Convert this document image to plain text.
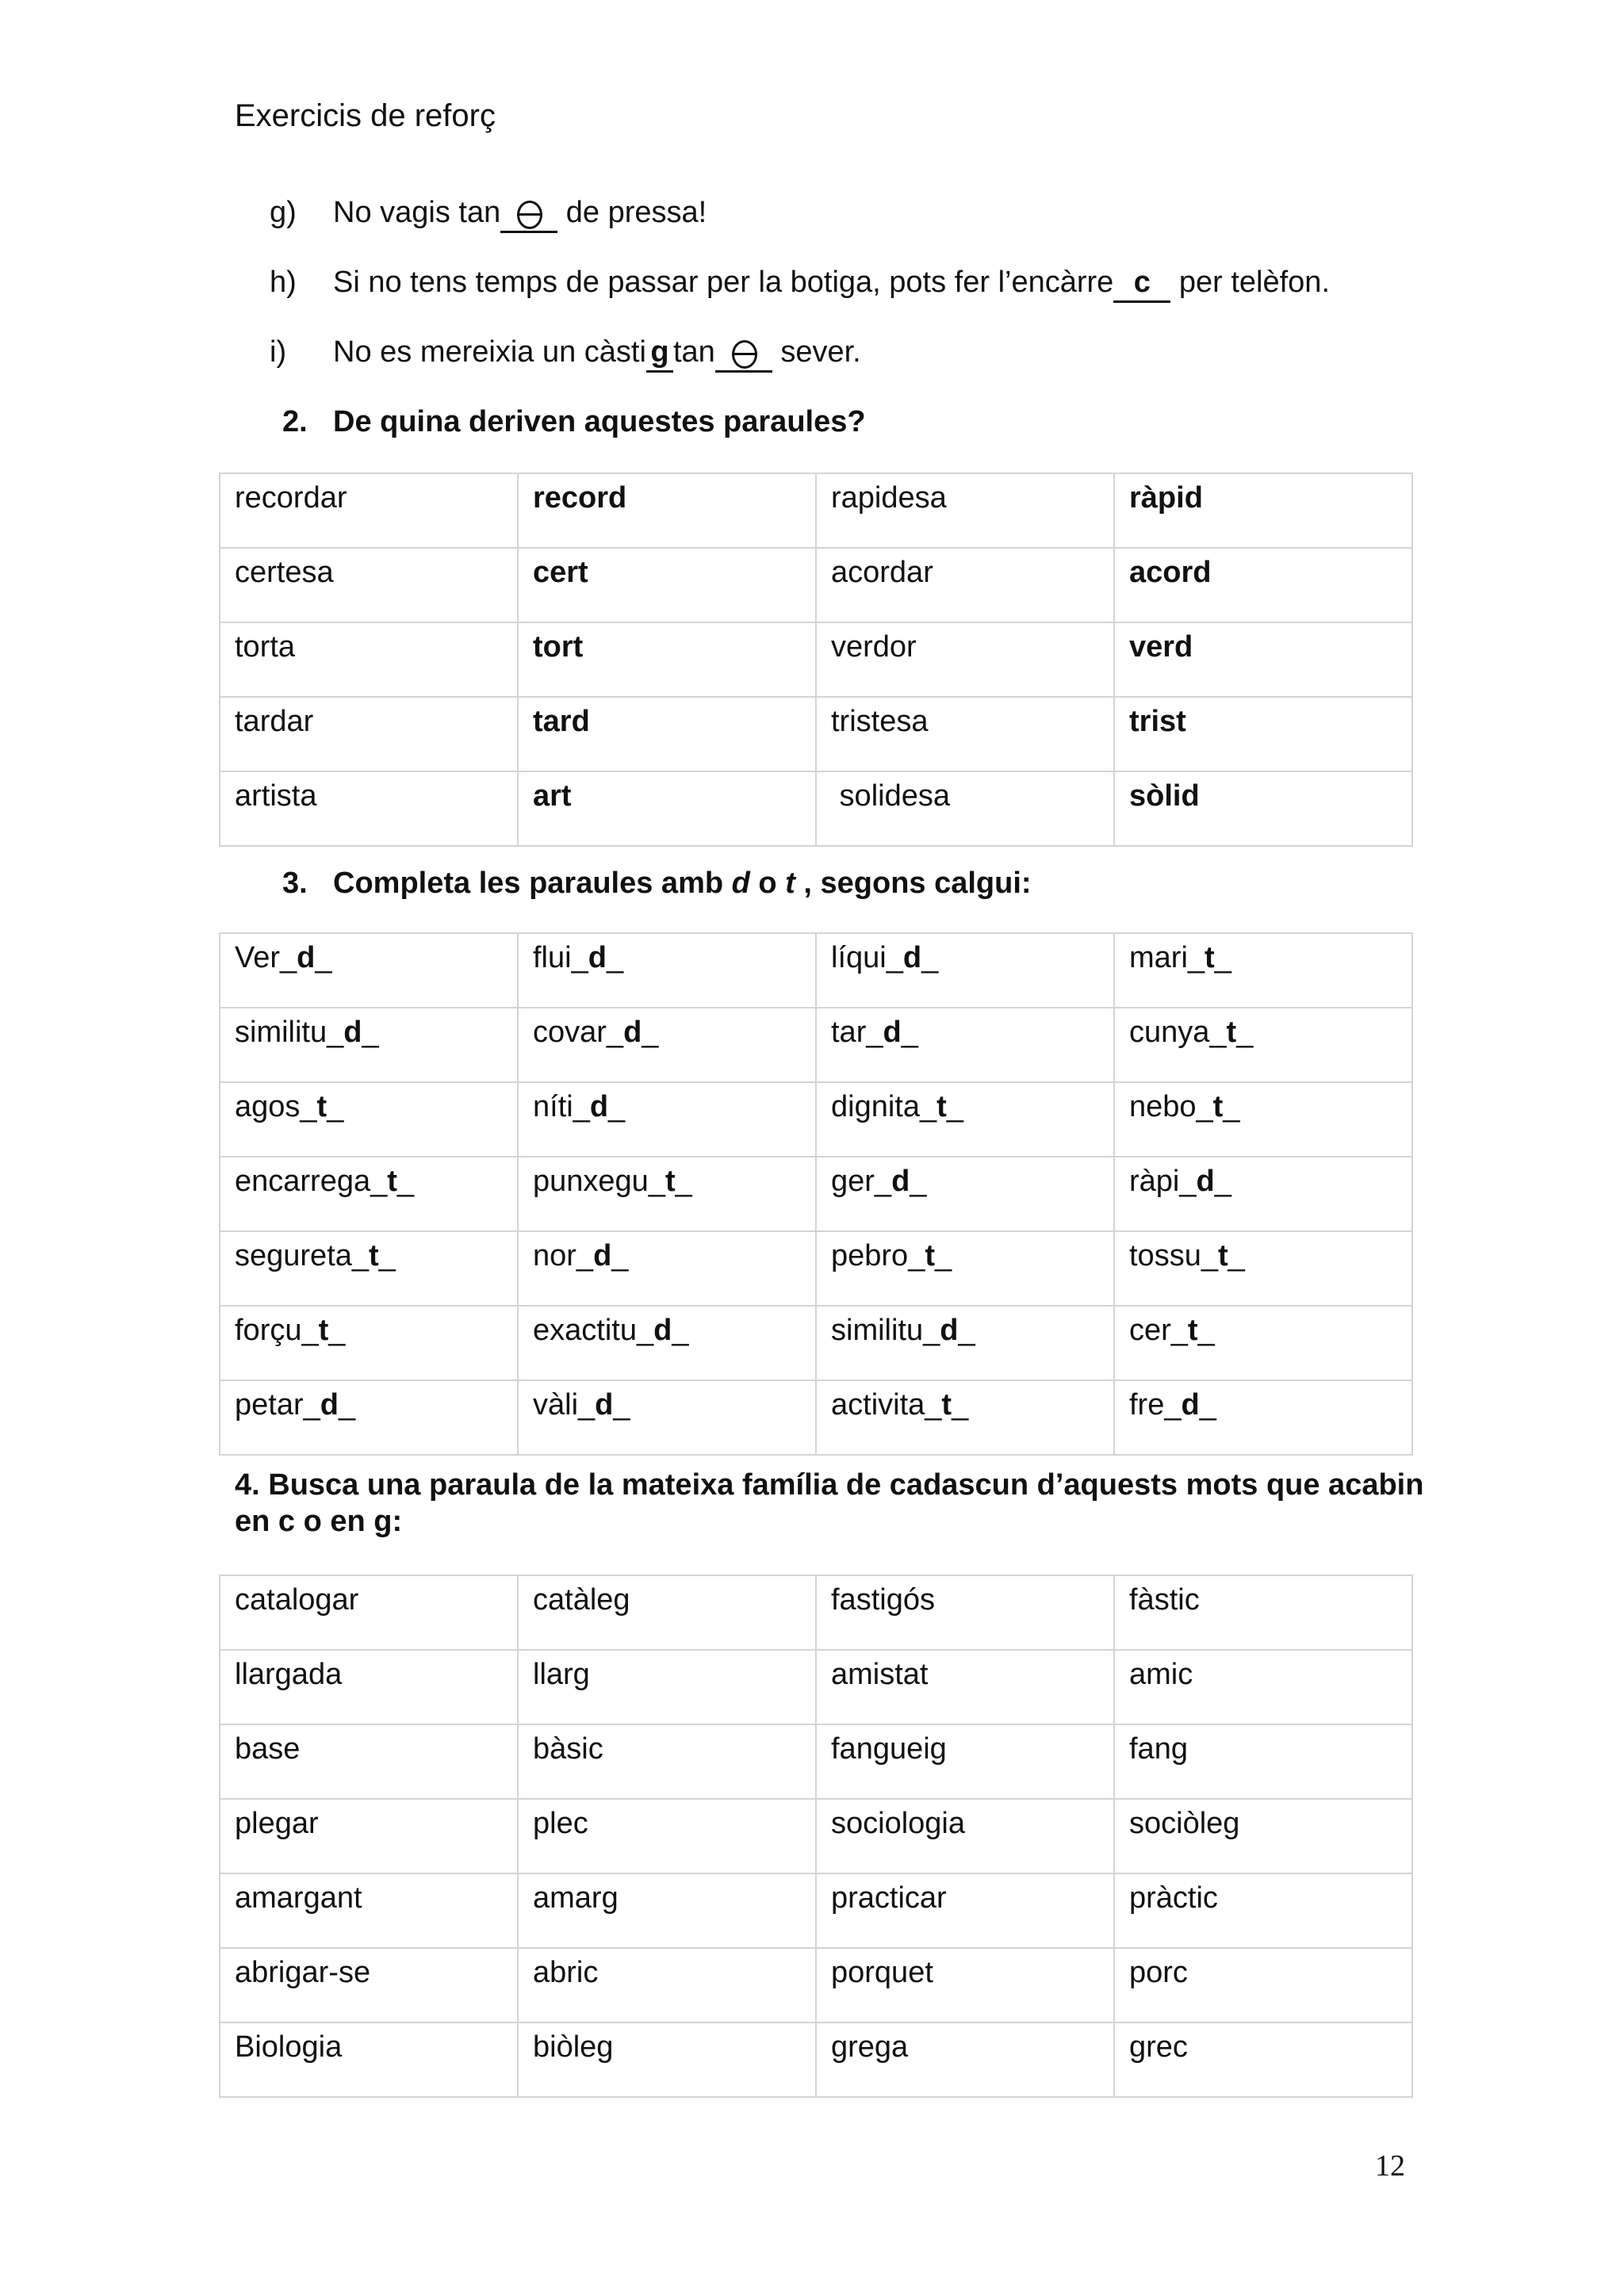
Exercicis de reforç
g) No vagis tan de pressa!
h) Si no tens temps de passar per la botiga, pots fer l’encàrre c per telèfon.
i) No es mereixia un càsti g tan sever.
2. De quina deriven aquestes paraules?
recordar	record	rapidesa	ràpid
certesa	cert	acordar	acord
torta	tort	verdor	verd
tardar	tard	tristesa	trist
artista	art	solidesa	sòlid
3. Completa les paraules amb d o t , segons calgui:
Ver_d_	flui_d_	líqui_d_	mari_t_
similitu_d_	covar_d_	tar_d_	cunya_t_
agos_t_	níti_d_	dignita_t_	nebo_t_
encarrega_t_	punxegu_t_	ger_d_	ràpi_d_
segureta_t_	nor_d_	pebro_t_	tossu_t_
forçu_t_	exactitu_d_	similitu_d_	cer_t_
petar_d_	vàli_d_	activita_t_	fre_d_
4. Busca una paraula de la mateixa família de cadascun d’aquests mots que acabin en c o en g:
catalogar	catàleg	fastigós	fàstic
llargada	llarg	amistat	amic
base	bàsic	fangueig	fang
plegar	plec	sociologia	sociòleg
amargant	amarg	practicar	pràctic
abrigar-se	abric	porquet	porc
Biologia	biòleg	grega	grec
12
